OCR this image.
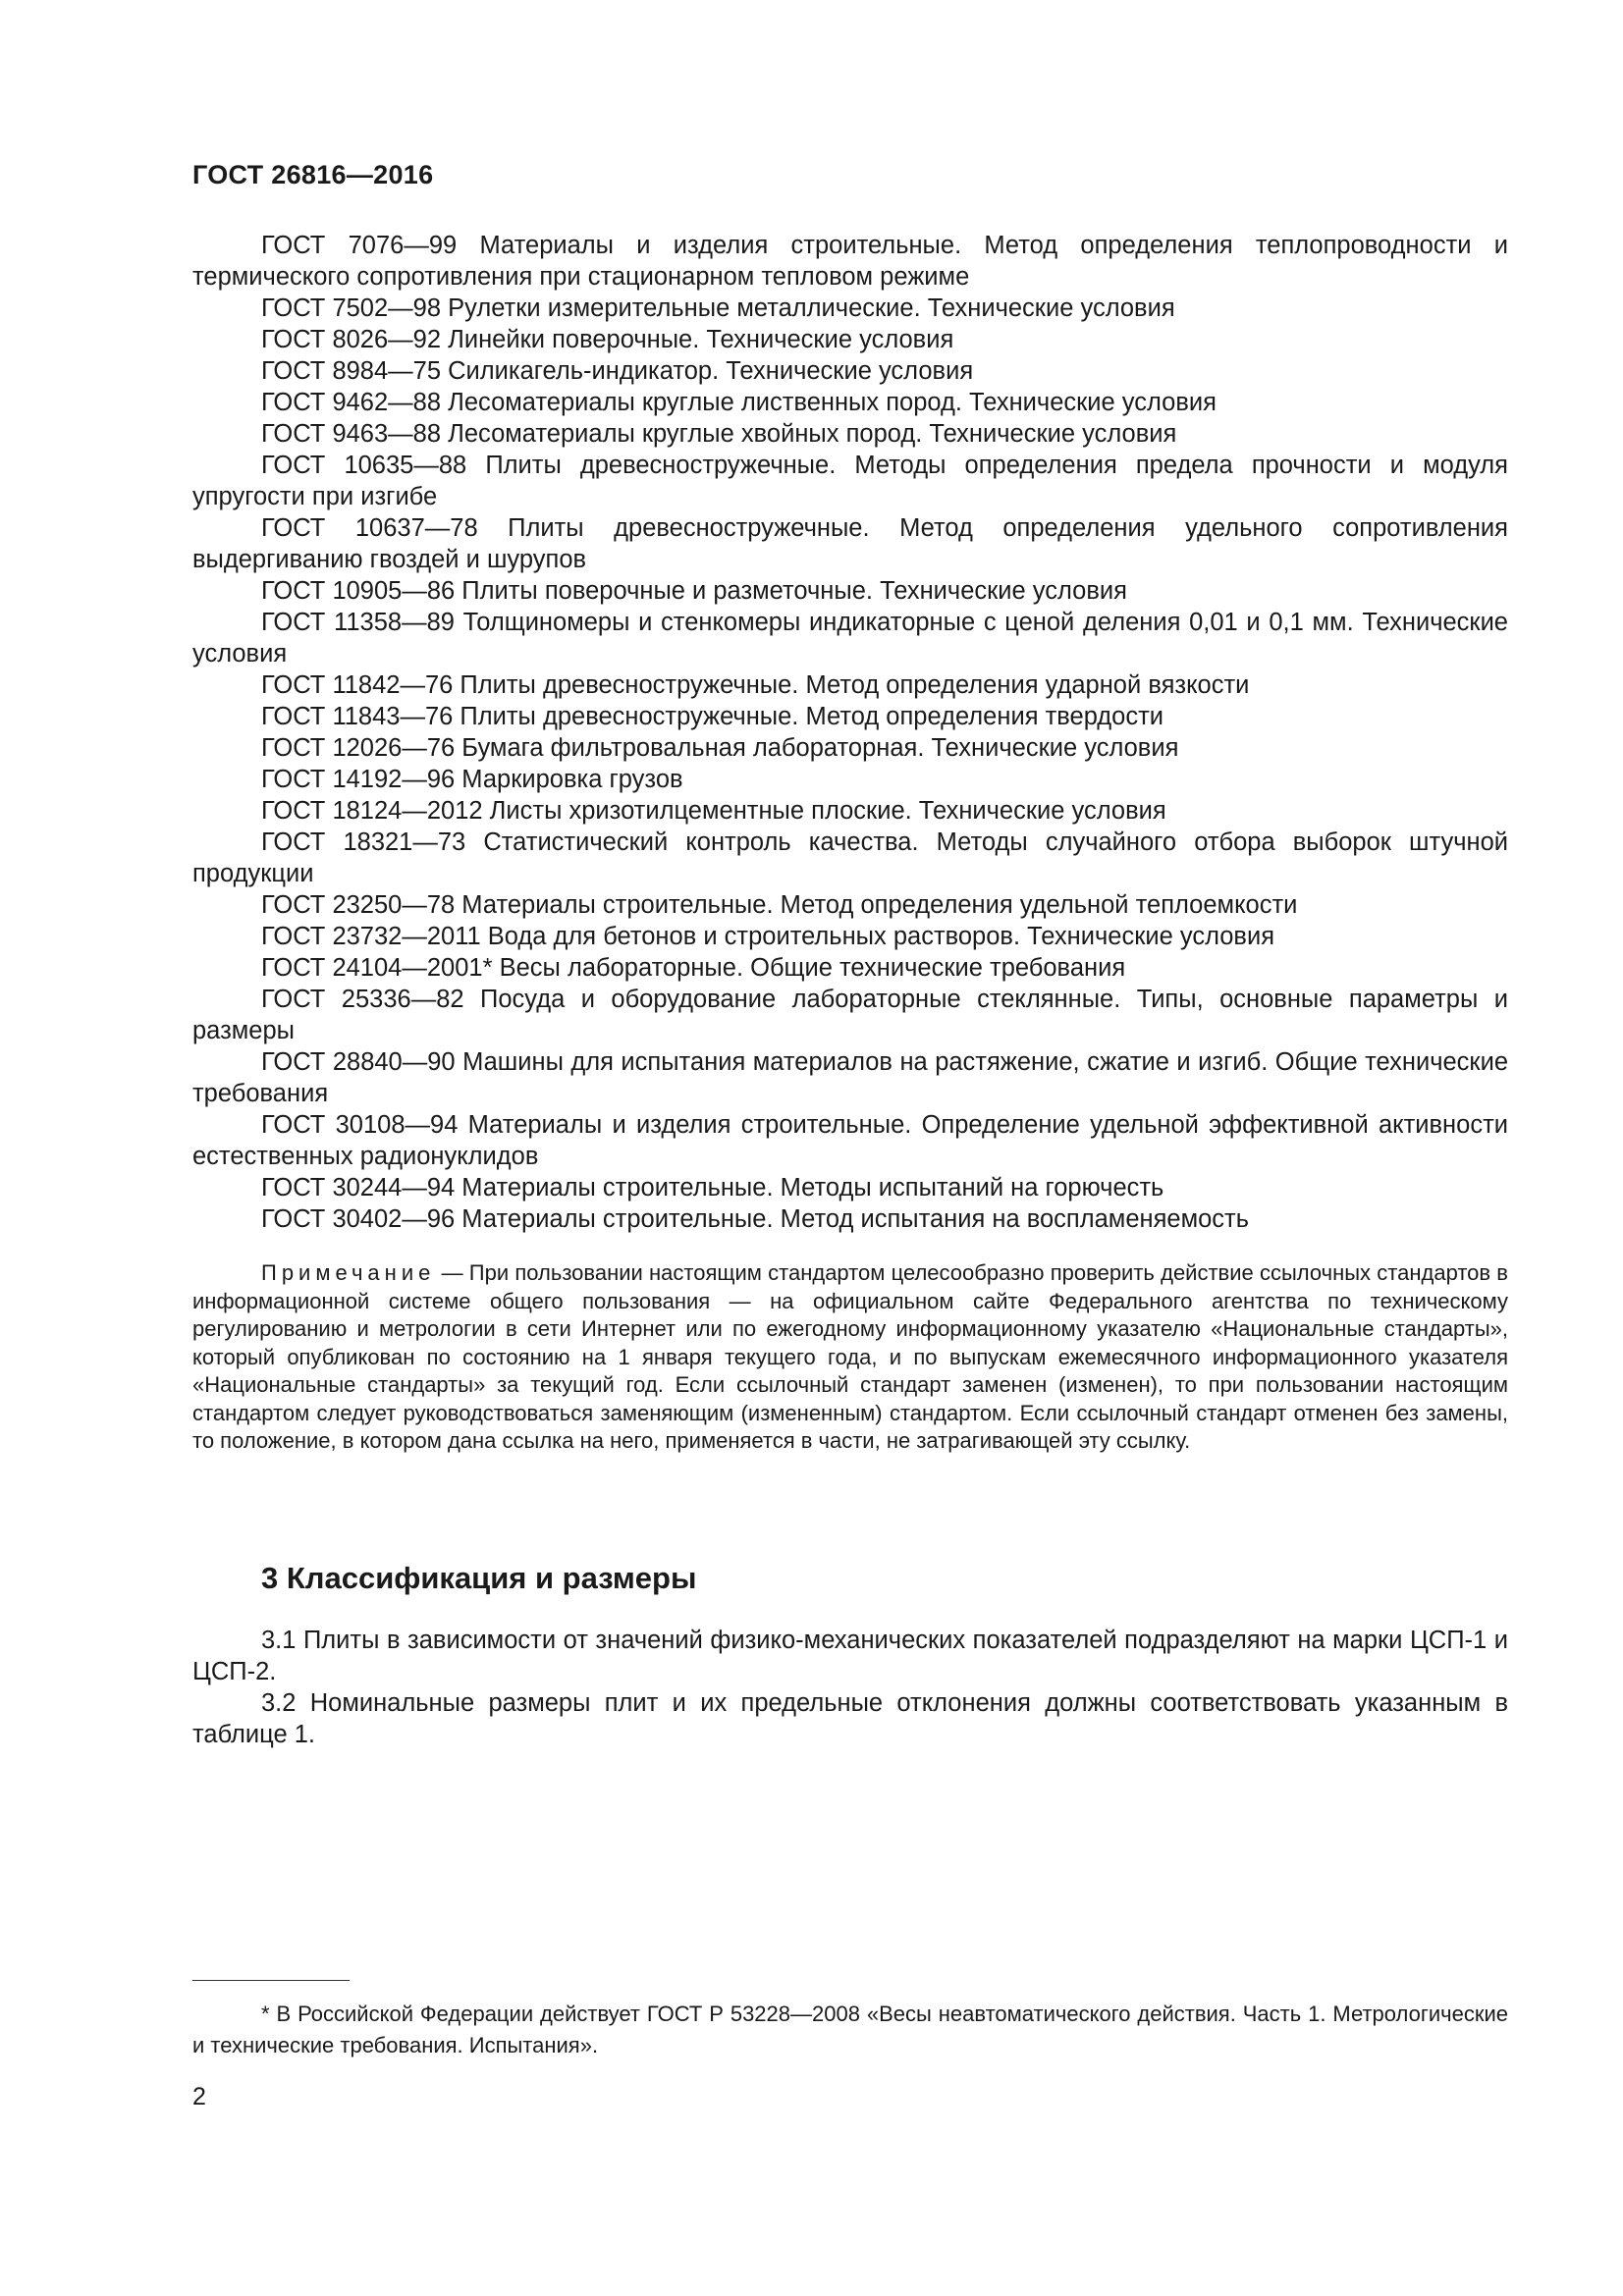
ГОСТ 26816—2016

ГОСТ 7076—99 Материалы и изделия строительные. Метод определения теплопроводности и термического сопротивления при стационарном тепловом режиме

ГОСТ 7502—98 Рулетки измерительные металлические. Технические условия

ГОСТ 8026—92 Линейки поверочные. Технические условия

ГОСТ 8984—75 Силикагель-индикатор. Технические условия

ГОСТ 9462—88 Лесоматериалы круглые лиственных пород. Технические условия

ГОСТ 9463—88 Лесоматериалы круглые хвойных пород. Технические условия

ГОСТ 10635—88 Плиты древесностружечные. Методы определения предела прочности и модуля упругости при изгибе

ГОСТ 10637—78 Плиты древесностружечные. Метод определения удельного сопротивления выдергиванию гвоздей и шурупов

ГОСТ 10905—86 Плиты поверочные и разметочные. Технические условия

ГОСТ 11358—89 Толщиномеры и стенкомеры индикаторные с ценой деления 0,01 и 0,1 мм. Технические условия

ГОСТ 11842—76 Плиты древесностружечные. Метод определения ударной вязкости

ГОСТ 11843—76 Плиты древесностружечные. Метод определения твердости

ГОСТ 12026—76 Бумага фильтровальная лабораторная. Технические условия

ГОСТ 14192—96 Маркировка грузов

ГОСТ 18124—2012 Листы хризотилцементные плоские. Технические условия

ГОСТ 18321—73 Статистический контроль качества. Методы случайного отбора выборок штучной продукции

ГОСТ 23250—78 Материалы строительные. Метод определения удельной теплоемкости

ГОСТ 23732—2011 Вода для бетонов и строительных растворов. Технические условия

ГОСТ 24104—2001* Весы лабораторные. Общие технические требования

ГОСТ 25336—82 Посуда и оборудование лабораторные стеклянные. Типы, основные параметры и размеры

ГОСТ 28840—90 Машины для испытания материалов на растяжение, сжатие и изгиб. Общие технические требования

ГОСТ 30108—94 Материалы и изделия строительные. Определение удельной эффективной активности естественных радионуклидов

ГОСТ 30244—94 Материалы строительные. Методы испытаний на горючесть

ГОСТ 30402—96 Материалы строительные. Метод испытания на воспламеняемость

Примечание — При пользовании настоящим стандартом целесообразно проверить действие ссылочных стандартов в информационной системе общего пользования — на официальном сайте Федерального агентства по техническому регулированию и метрологии в сети Интернет или по ежегодному информационному указателю «Национальные стандарты», который опубликован по состоянию на 1 января текущего года, и по выпускам ежемесячного информационного указателя «Национальные стандарты» за текущий год. Если ссылочный стандарт заменен (изменен), то при пользовании настоящим стандартом следует руководствоваться заменяющим (измененным) стандартом. Если ссылочный стандарт отменен без замены, то положение, в котором дана ссылка на него, применяется в части, не затрагивающей эту ссылку.

3 Классификация и размеры

3.1 Плиты в зависимости от значений физико-механических показателей подразделяют на марки ЦСП-1 и ЦСП-2.

3.2 Номинальные размеры плит и их предельные отклонения должны соответствовать указанным в таблице 1.

* В Российской Федерации действует ГОСТ Р 53228—2008 «Весы неавтоматического действия. Часть 1. Метрологические и технические требования. Испытания».

2
